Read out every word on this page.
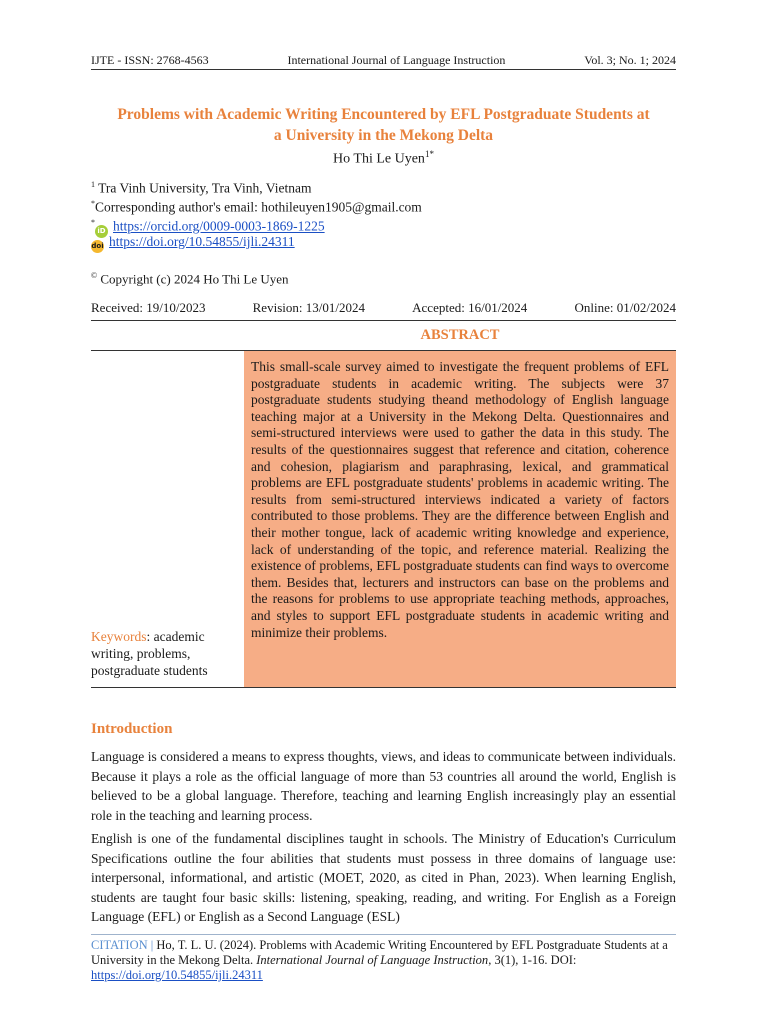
IJTE - ISSN: 2768-4563	International Journal of Language Instruction	Vol. 3; No. 1; 2024
Problems with Academic Writing Encountered by EFL Postgraduate Students at
a University in the Mekong Delta
Ho Thi Le Uyen$^{1*}$
$^1$ Tra Vinh University, Tra Vinh, Vietnam
*Corresponding author's email: hothileuyen1905@gmail.com
*iD https://orcid.org/0009-0003-1869-1225
doi https://doi.org/10.54855/ijli.24311
© Copyright (c) 2024 Ho Thi Le Uyen
Received: 19/10/2023	Revision: 13/01/2024	Accepted: 16/01/2024	Online: 01/02/2024
ABSTRACT
Keywords: academic writing, problems, postgraduate students
This small-scale survey aimed to investigate the frequent problems of EFL postgraduate students in academic writing. The subjects were 37 postgraduate students studying theand methodology of English language teaching major at a University in the Mekong Delta. Questionnaires and semi-structured interviews were used to gather the data in this study. The results of the questionnaires suggest that reference and citation, coherence and cohesion, plagiarism and paraphrasing, lexical, and grammatical problems are EFL postgraduate students' problems in academic writing. The results from semi-structured interviews indicated a variety of factors contributed to those problems. They are the difference between English and their mother tongue, lack of academic writing knowledge and experience, lack of understanding of the topic, and reference material. Realizing the existence of problems, EFL postgraduate students can find ways to overcome them. Besides that, lecturers and instructors can base on the problems and the reasons for problems to use appropriate teaching methods, approaches, and styles to support EFL postgraduate students in academic writing and minimize their problems.
Introduction
Language is considered a means to express thoughts, views, and ideas to communicate between individuals. Because it plays a role as the official language of more than 53 countries all around the world, English is believed to be a global language. Therefore, teaching and learning English increasingly play an essential role in the teaching and learning process.
English is one of the fundamental disciplines taught in schools. The Ministry of Education's Curriculum Specifications outline the four abilities that students must possess in three domains of language use: interpersonal, informational, and artistic (MOET, 2020, as cited in Phan, 2023). When learning English, students are taught four basic skills: listening, speaking, reading, and writing. For English as a Foreign Language (EFL) or English as a Second Language (ESL)
CITATION | Ho, T. L. U. (2024). Problems with Academic Writing Encountered by EFL Postgraduate Students at a University in the Mekong Delta. International Journal of Language Instruction, 3(1), 1-16. DOI:
https://doi.org/10.54855/ijli.24311
